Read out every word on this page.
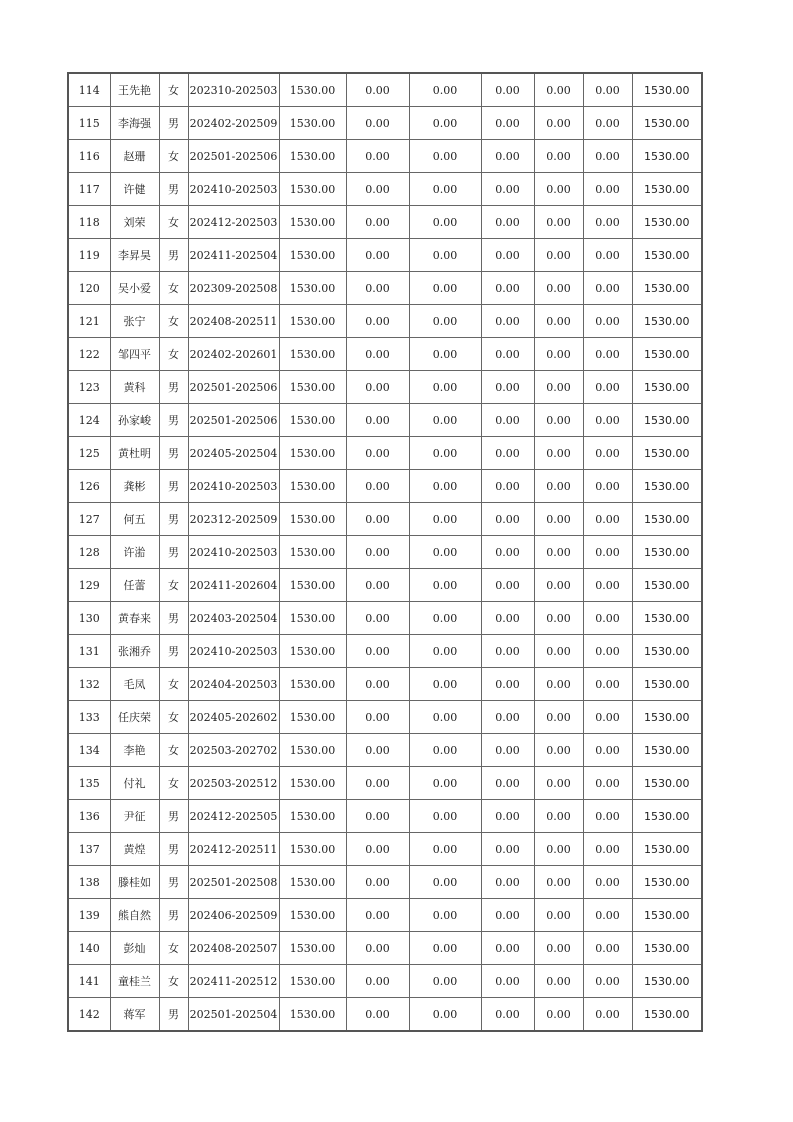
114	王先艳	女	202310-202503	1530.00	0.00	0.00	0.00	0.00	0.00	1530.00
115	李海强	男	202402-202509	1530.00	0.00	0.00	0.00	0.00	0.00	1530.00
116	赵珊	女	202501-202506	1530.00	0.00	0.00	0.00	0.00	0.00	1530.00
117	许健	男	202410-202503	1530.00	0.00	0.00	0.00	0.00	0.00	1530.00
118	刘荣	女	202412-202503	1530.00	0.00	0.00	0.00	0.00	0.00	1530.00
119	李昇昊	男	202411-202504	1530.00	0.00	0.00	0.00	0.00	0.00	1530.00
120	吴小爱	女	202309-202508	1530.00	0.00	0.00	0.00	0.00	0.00	1530.00
121	张宁	女	202408-202511	1530.00	0.00	0.00	0.00	0.00	0.00	1530.00
122	邹四平	女	202402-202601	1530.00	0.00	0.00	0.00	0.00	0.00	1530.00
123	黄科	男	202501-202506	1530.00	0.00	0.00	0.00	0.00	0.00	1530.00
124	孙家峻	男	202501-202506	1530.00	0.00	0.00	0.00	0.00	0.00	1530.00
125	黄杜明	男	202405-202504	1530.00	0.00	0.00	0.00	0.00	0.00	1530.00
126	龚彬	男	202410-202503	1530.00	0.00	0.00	0.00	0.00	0.00	1530.00
127	何五	男	202312-202509	1530.00	0.00	0.00	0.00	0.00	0.00	1530.00
128	许湁	男	202410-202503	1530.00	0.00	0.00	0.00	0.00	0.00	1530.00
129	任蕾	女	202411-202604	1530.00	0.00	0.00	0.00	0.00	0.00	1530.00
130	黄春来	男	202403-202504	1530.00	0.00	0.00	0.00	0.00	0.00	1530.00
131	张湘乔	男	202410-202503	1530.00	0.00	0.00	0.00	0.00	0.00	1530.00
132	毛凤	女	202404-202503	1530.00	0.00	0.00	0.00	0.00	0.00	1530.00
133	任庆荣	女	202405-202602	1530.00	0.00	0.00	0.00	0.00	0.00	1530.00
134	李艳	女	202503-202702	1530.00	0.00	0.00	0.00	0.00	0.00	1530.00
135	付礼	女	202503-202512	1530.00	0.00	0.00	0.00	0.00	0.00	1530.00
136	尹征	男	202412-202505	1530.00	0.00	0.00	0.00	0.00	0.00	1530.00
137	黄煌	男	202412-202511	1530.00	0.00	0.00	0.00	0.00	0.00	1530.00
138	滕桂如	男	202501-202508	1530.00	0.00	0.00	0.00	0.00	0.00	1530.00
139	熊自然	男	202406-202509	1530.00	0.00	0.00	0.00	0.00	0.00	1530.00
140	彭灿	女	202408-202507	1530.00	0.00	0.00	0.00	0.00	0.00	1530.00
141	童桂兰	女	202411-202512	1530.00	0.00	0.00	0.00	0.00	0.00	1530.00
142	蒋军	男	202501-202504	1530.00	0.00	0.00	0.00	0.00	0.00	1530.00
